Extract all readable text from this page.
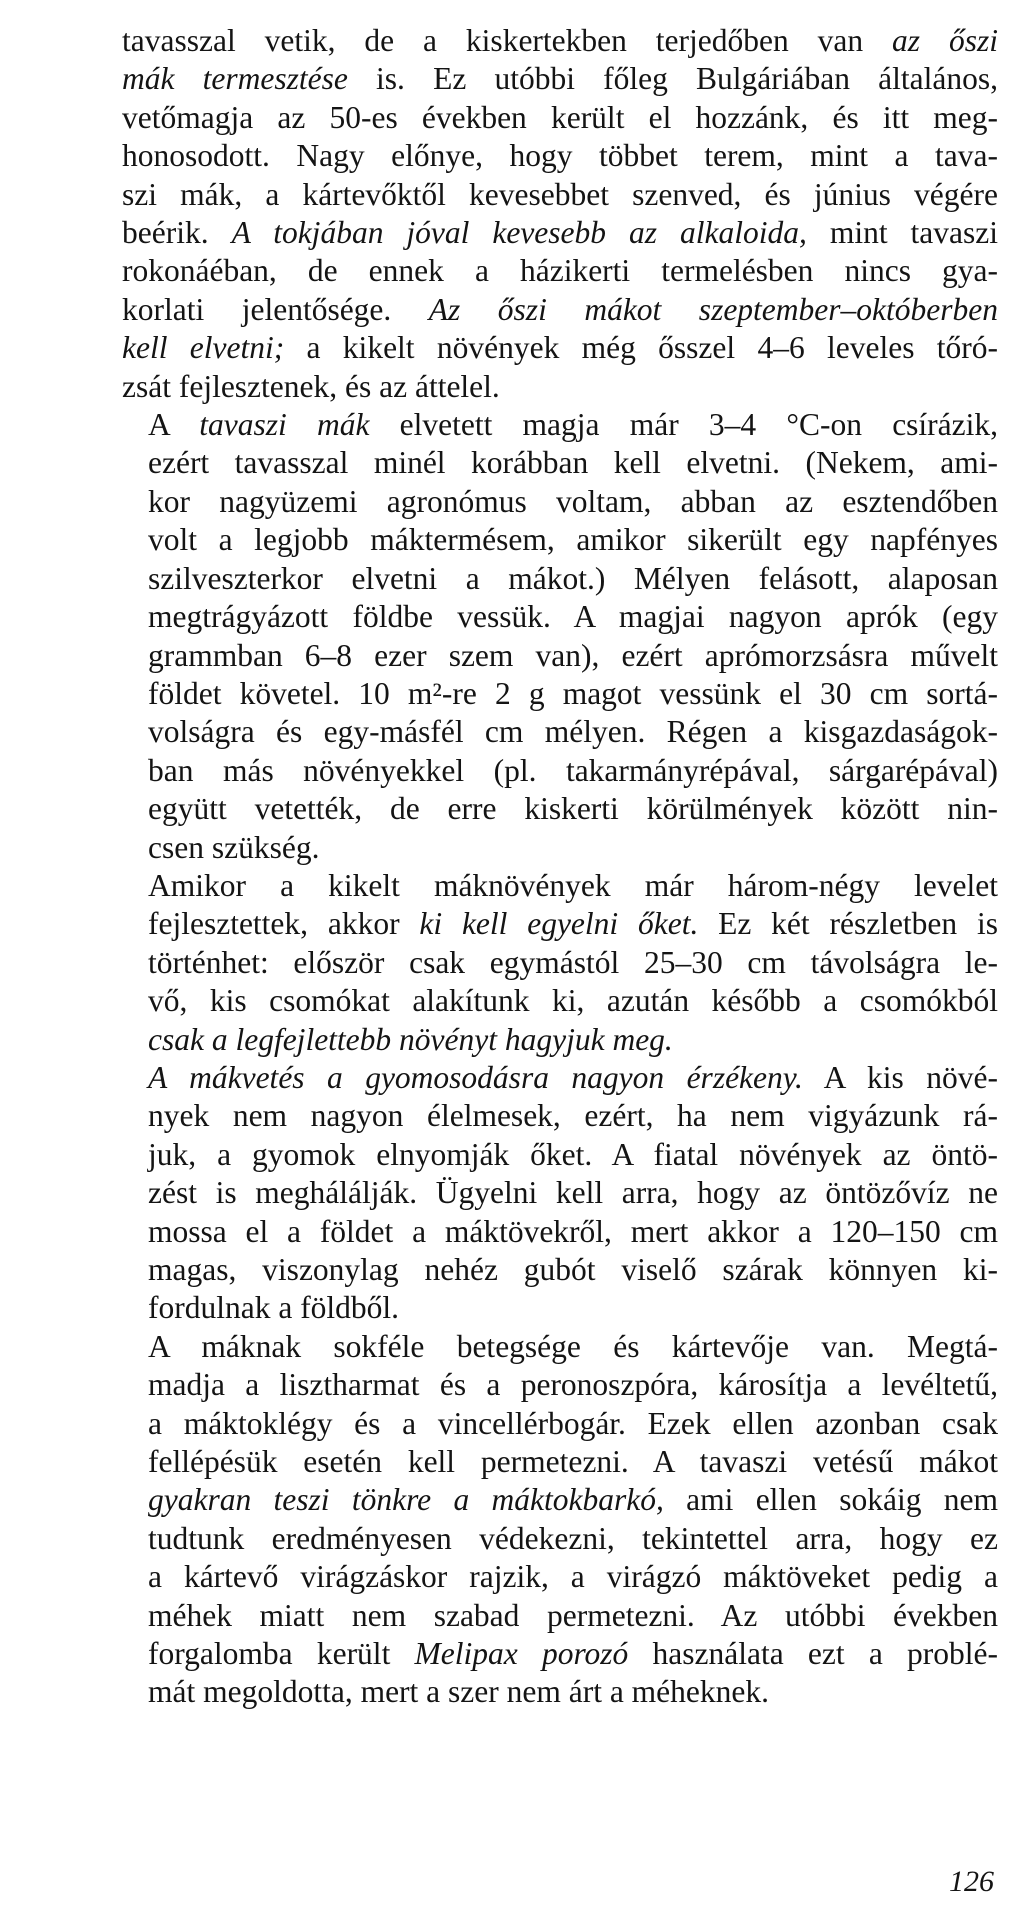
tavasszal vetik, de a kiskertekben terjedőben van az őszi
mák termesztése is. Ez utóbbi főleg Bulgáriában általános,
vetőmagja az 50-es években került el hozzánk, és itt meg-
honosodott. Nagy előnye, hogy többet terem, mint a tava-
szi mák, a kártevőktől kevesebbet szenved, és június végére
beérik. A tokjában jóval kevesebb az alkaloida, mint tavaszi
rokonáéban, de ennek a házikerti termelésben nincs gya-
korlati jelentősége. Az őszi mákot szeptember–októberben
kell elvetni; a kikelt növények még ősszel 4–6 leveles tőró-
zsát fejlesztenek, és az áttelel.

A tavaszi mák elvetett magja már 3–4 °C-on csírázik,
ezért tavasszal minél korábban kell elvetni. (Nekem, ami-
kor nagyüzemi agronómus voltam, abban az esztendőben
volt a legjobb máktermésem, amikor sikerült egy napfényes
szilveszterkor elvetni a mákot.) Mélyen felásott, alaposan
megtrágyázott földbe vessük. A magjai nagyon aprók (egy
grammban 6–8 ezer szem van), ezért aprómorzsásra művelt
földet követel. 10 m²-re 2 g magot vessünk el 30 cm sortá-
volságra és egy-másfél cm mélyen. Régen a kisgazdaságok-
ban más növényekkel (pl. takarmányrépával, sárgarépával)
együtt vetették, de erre kiskerti körülmények között nin-
csen szükség.

Amikor a kikelt máknövények már három-négy levelet
fejlesztettek, akkor ki kell egyelni őket. Ez két részletben is
történhet: először csak egymástól 25–30 cm távolságra le-
vő, kis csomókat alakítunk ki, azután később a csomókból
csak a legfejlettebb növényt hagyjuk meg.

A mákvetés a gyomosodásra nagyon érzékeny. A kis növé-
nyek nem nagyon élelmesek, ezért, ha nem vigyázunk rá-
juk, a gyomok elnyomják őket. A fiatal növények az öntö-
zést is meghálálják. Ügyelni kell arra, hogy az öntözővíz ne
mossa el a földet a máktövekről, mert akkor a 120–150 cm
magas, viszonylag nehéz gubót viselő szárak könnyen ki-
fordulnak a földből.

A máknak sokféle betegsége és kártevője van. Megtá-
madja a lisztharmat és a peronoszpóra, károsítja a levéltetű,
a máktoklégy és a vincellérbogár. Ezek ellen azonban csak
fellépésük esetén kell permetezni. A tavaszi vetésű mákot
gyakran teszi tönkre a máktokbarkó, ami ellen sokáig nem
tudtunk eredményesen védekezni, tekintettel arra, hogy ez
a kártevő virágzáskor rajzik, a virágzó máktöveket pedig a
méhek miatt nem szabad permetezni. Az utóbbi években
forgalomba került Melipax porozó használata ezt a problé-
mát megoldotta, mert a szer nem árt a méheknek.

126
